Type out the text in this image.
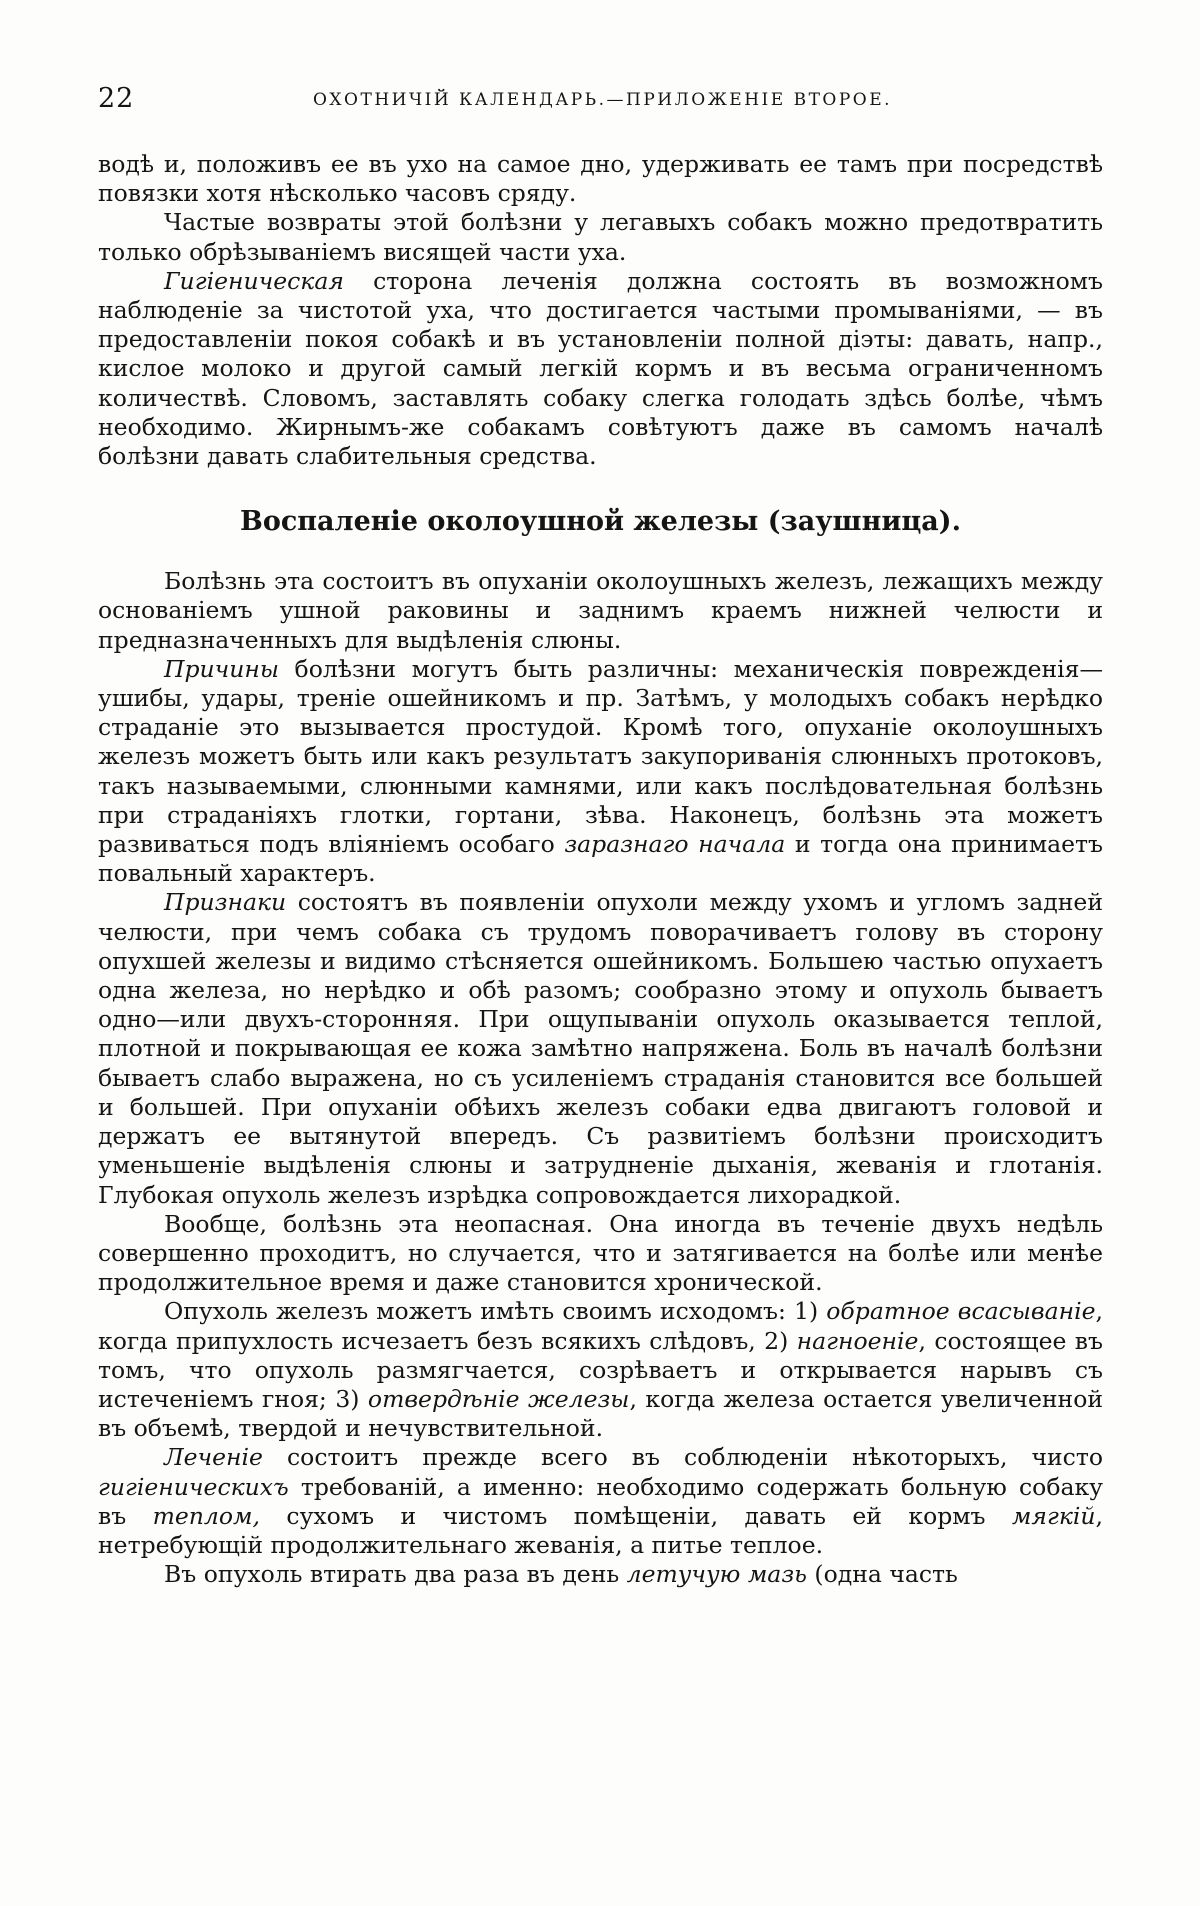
22	ОХОТНИЧІЙ КАЛЕНДАРЬ.—ПРИЛОЖЕНІЕ ВТОРОЕ.

водѣ и, положивъ ее въ ухо на самое дно, удерживать ее тамъ при посредствѣ повязки хотя нѣсколько часовъ сряду.

Частые возвраты этой болѣзни у легавыхъ собакъ можно предотвратить только обрѣзываніемъ висящей части уха.

Гигіеническая сторона леченія должна состоять въ возможномъ наблюденіе за чистотой уха, что достигается частыми промываніями, — въ предоставленіи покоя собакѣ и въ установленіи полной діэты: давать, напр., кислое молоко и другой самый легкій кормъ и въ весьма ограниченномъ количествѣ. Словомъ, заставлять собаку слегка голодать здѣсь болѣе, чѣмъ необходимо. Жирнымъ-же собакамъ совѣтуютъ даже въ самомъ началѣ болѣзни давать слабительныя средства.

Воспаленіе околоушной железы (заушница).

Болѣзнь эта состоитъ въ опуханіи околоушныхъ железъ, лежащихъ между основаніемъ ушной раковины и заднимъ краемъ нижней челюсти и предназначенныхъ для выдѣленія слюны.

Причины болѣзни могутъ быть различны: механическія поврежденія—ушибы, удары, треніе ошейникомъ и пр. Затѣмъ, у молодыхъ собакъ нерѣдко страданіе это вызывается простудой. Кромѣ того, опуханіе околоушныхъ железъ можетъ быть или какъ результатъ закупориванія слюнныхъ протоковъ, такъ называемыми, слюнными камнями, или какъ послѣдовательная болѣзнь при страданіяхъ глотки, гортани, зѣва. Наконецъ, болѣзнь эта можетъ развиваться подъ вліяніемъ особаго заразнаго начала и тогда она принимаетъ повальный характеръ.

Признаки состоятъ въ появленіи опухоли между ухомъ и угломъ задней челюсти, при чемъ собака съ трудомъ поворачиваетъ голову въ сторону опухшей железы и видимо стѣсняется ошейникомъ. Большею частью опухаетъ одна железа, но нерѣдко и обѣ разомъ; сообразно этому и опухоль бываетъ одно—или двухъ-сторонняя. При ощупываніи опухоль оказывается теплой, плотной и покрывающая ее кожа замѣтно напряжена. Боль въ началѣ болѣзни бываетъ слабо выражена, но съ усиленіемъ страданія становится все большей и большей. При опуханіи обѣихъ железъ собаки едва двигаютъ головой и держатъ ее вытянутой впередъ. Съ развитіемъ болѣзни происходитъ уменьшеніе выдѣленія слюны и затрудненіе дыханія, жеванія и глотанія. Глубокая опухоль железъ изрѣдка сопровождается лихорадкой.

Вообще, болѣзнь эта неопасная. Она иногда въ теченіе двухъ недѣль совершенно проходитъ, но случается, что и затягивается на болѣе или менѣе продолжительное время и даже становится хронической.

Опухоль железъ можетъ имѣть своимъ исходомъ: 1) обратное всасываніе, когда припухлость исчезаетъ безъ всякихъ слѣдовъ, 2) нагноеніе, состоящее въ томъ, что опухоль размягчается, созрѣваетъ и открывается нарывъ съ истеченіемъ гноя; 3) отвердѣніе железы, когда железа остается увеличенной въ объемѣ, твердой и нечувствительной.

Леченіе состоитъ прежде всего въ соблюденіи нѣкоторыхъ, чисто гигіеническихъ требованій, а именно: необходимо содержать больную собаку въ теплом, сухомъ и чистомъ помѣщеніи, давать ей кормъ мягкій, нетребующій продолжительнаго жеванія, а питье теплое.

Въ опухоль втирать два раза въ день летучую мазь (одна часть
